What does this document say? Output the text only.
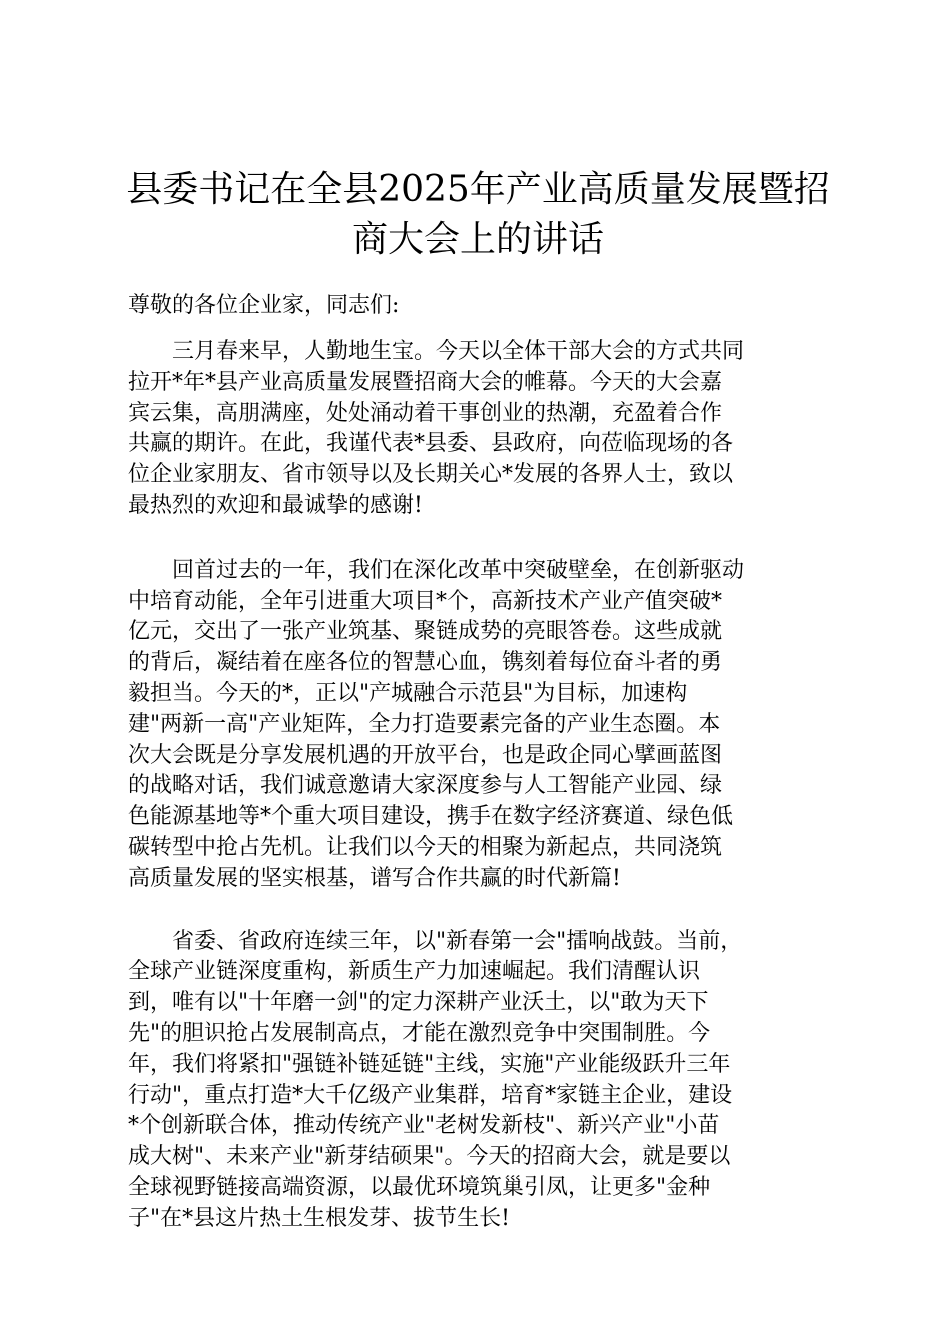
县委书记在全县2025年产业高质量发展暨招
商大会上的讲话

尊敬的各位企业家，同志们:

　　三月春来早，人勤地生宝。今天以全体干部大会的方式共同
拉开*年*县产业高质量发展暨招商大会的帷幕。今天的大会嘉
宾云集，高朋满座，处处涌动着干事创业的热潮，充盈着合作
共赢的期许。在此，我谨代表*县委、县政府，向莅临现场的各
位企业家朋友、省市领导以及长期关心*发展的各界人士，致以
最热烈的欢迎和最诚挚的感谢!

　　回首过去的一年，我们在深化改革中突破壁垒，在创新驱动
中培育动能，全年引进重大项目*个，高新技术产业产值突破*
亿元，交出了一张产业筑基、聚链成势的亮眼答卷。这些成就
的背后，凝结着在座各位的智慧心血，镌刻着每位奋斗者的勇
毅担当。今天的*，正以"产城融合示范县"为目标，加速构
建"两新一高"产业矩阵，全力打造要素完备的产业生态圈。本
次大会既是分享发展机遇的开放平台，也是政企同心擘画蓝图
的战略对话，我们诚意邀请大家深度参与人工智能产业园、绿
色能源基地等*个重大项目建设，携手在数字经济赛道、绿色低
碳转型中抢占先机。让我们以今天的相聚为新起点，共同浇筑
高质量发展的坚实根基，谱写合作共赢的时代新篇!

　　省委、省政府连续三年，以"新春第一会"擂响战鼓。当前，
全球产业链深度重构，新质生产力加速崛起。我们清醒认识
到，唯有以"十年磨一剑"的定力深耕产业沃土，以"敢为天下
先"的胆识抢占发展制高点，才能在激烈竞争中突围制胜。今
年，我们将紧扣"强链补链延链"主线，实施"产业能级跃升三年
行动"，重点打造*大千亿级产业集群，培育*家链主企业，建设
*个创新联合体，推动传统产业"老树发新枝"、新兴产业"小苗
成大树"、未来产业"新芽结硕果"。今天的招商大会，就是要以
全球视野链接高端资源，以最优环境筑巢引凤，让更多"金种
子"在*县这片热土生根发芽、拔节生长!
